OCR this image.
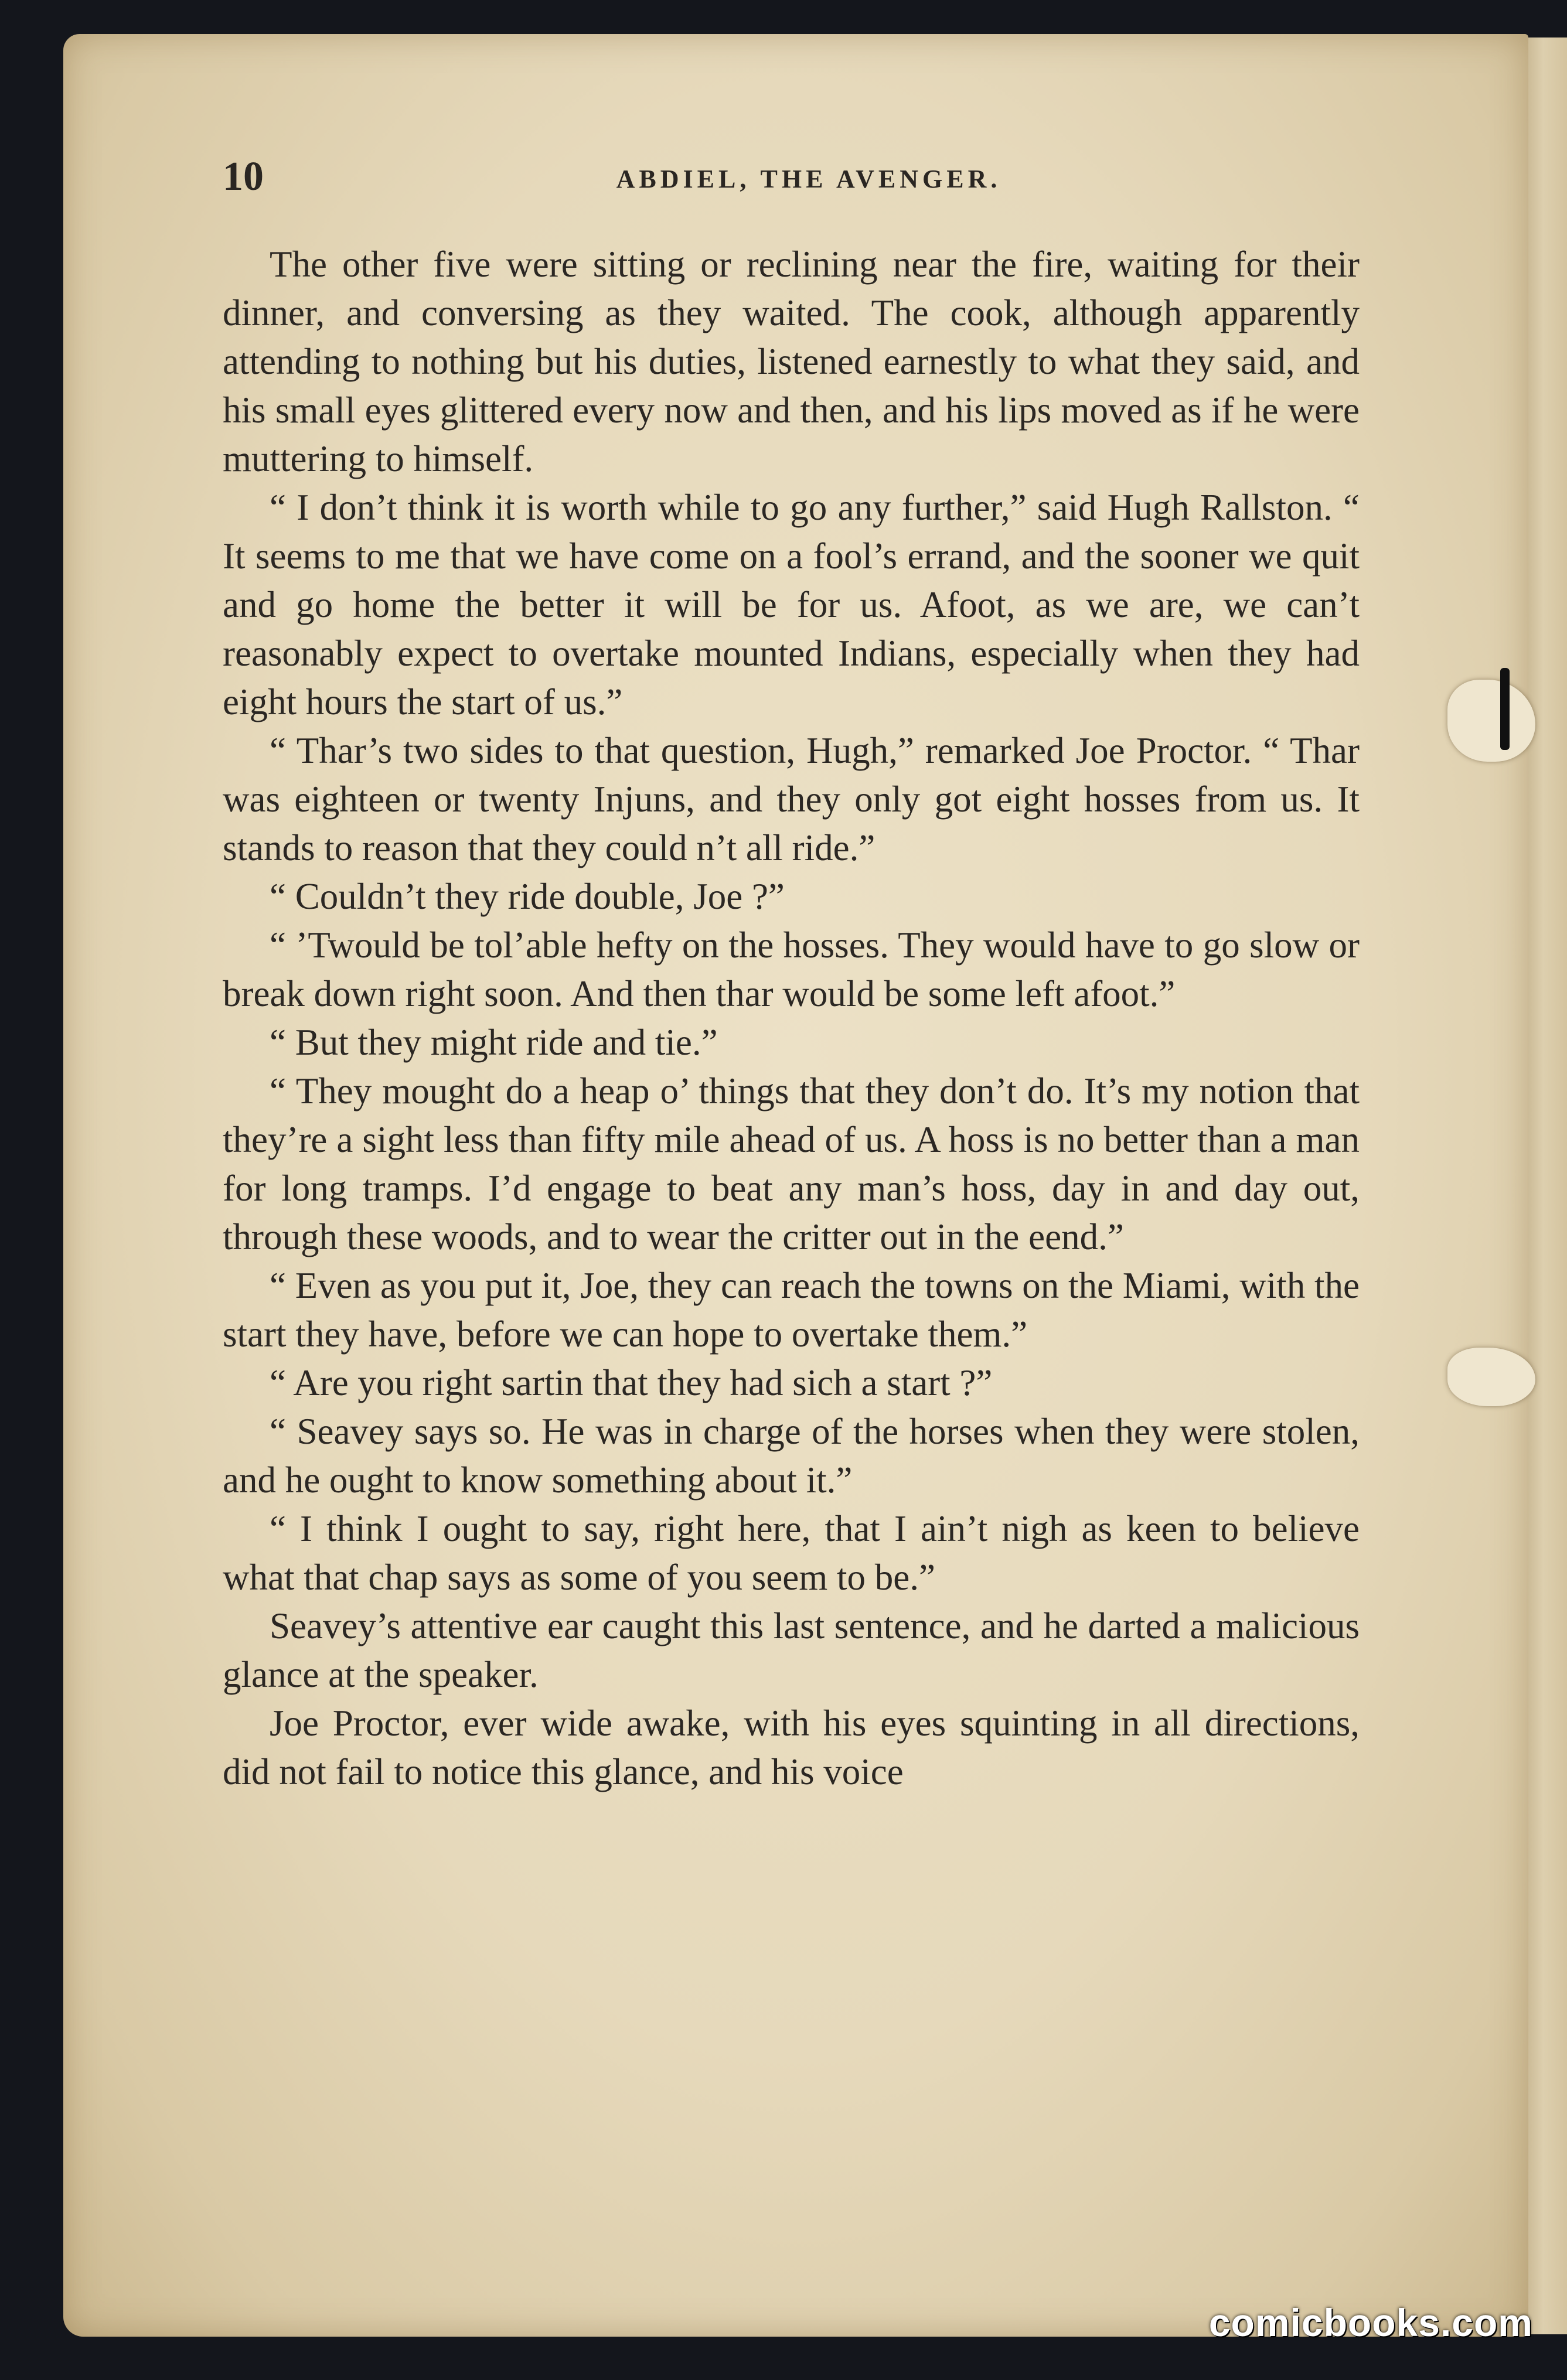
10	ABDIEL, THE AVENGER.

The other five were sitting or reclining near the fire, waiting for their dinner, and conversing as they waited. The cook, although apparently attending to nothing but his duties, listened earnestly to what they said, and his small eyes glittered every now and then, and his lips moved as if he were muttering to himself.

“ I don’t think it is worth while to go any further,” said Hugh Rallston. “ It seems to me that we have come on a fool’s errand, and the sooner we quit and go home the better it will be for us. Afoot, as we are, we can’t reasonably expect to overtake mounted Indians, especially when they had eight hours the start of us.”

“ Thar’s two sides to that question, Hugh,” remarked Joe Proctor. “ Thar was eighteen or twenty Injuns, and they only got eight hosses from us. It stands to reason that they could n’t all ride.”

“ Couldn’t they ride double, Joe ?”

“ ’Twould be tol’able hefty on the hosses. They would have to go slow or break down right soon. And then thar would be some left afoot.”

“ But they might ride and tie.”

“ They mought do a heap o’ things that they don’t do. It’s my notion that they’re a sight less than fifty mile ahead of us. A hoss is no better than a man for long tramps. I’d engage to beat any man’s hoss, day in and day out, through these woods, and to wear the critter out in the eend.”

“ Even as you put it, Joe, they can reach the towns on the Miami, with the start they have, before we can hope to overtake them.”

“ Are you right sartin that they had sich a start ?”

“ Seavey says so. He was in charge of the horses when they were stolen, and he ought to know something about it.”

“ I think I ought to say, right here, that I ain’t nigh as keen to believe what that chap says as some of you seem to be.”

Seavey’s attentive ear caught this last sentence, and he darted a malicious glance at the speaker.

Joe Proctor, ever wide awake, with his eyes squinting in all directions, did not fail to notice this glance, and his voice

comicbooks.com
